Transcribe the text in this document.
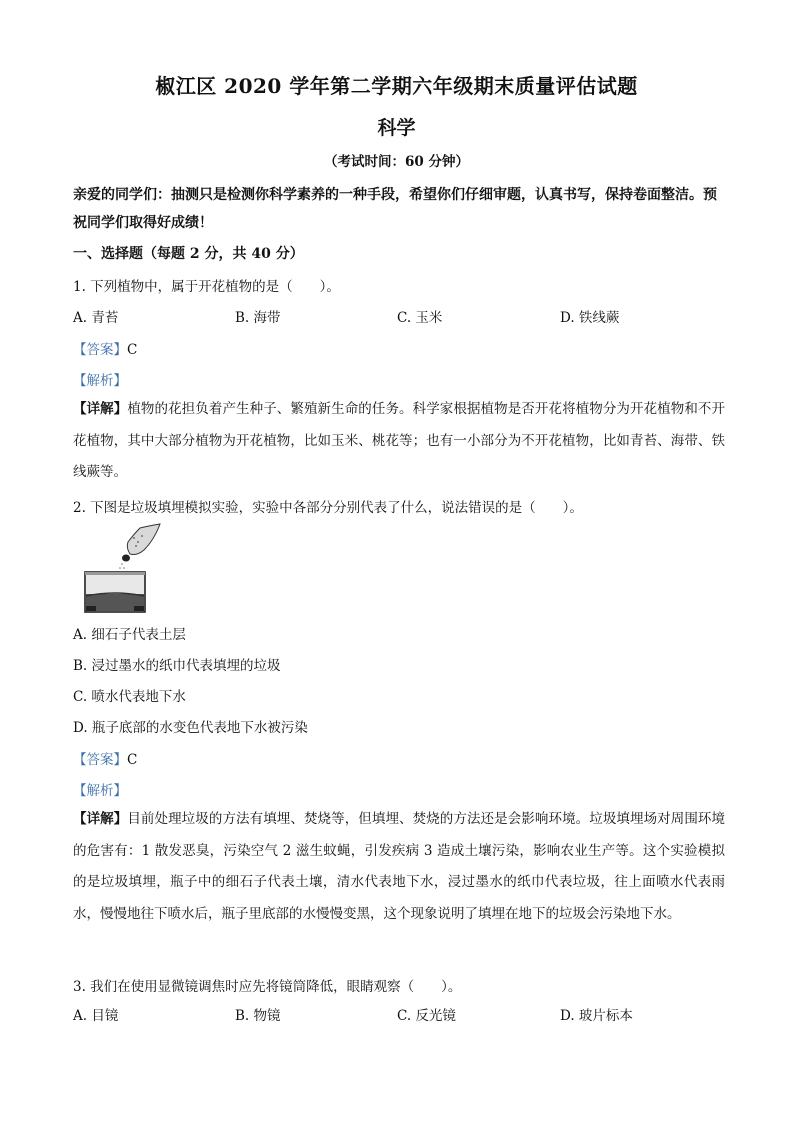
椒江区 2020 学年第二学期六年级期末质量评估试题
科学
（考试时间：60 分钟）
亲爱的同学们：抽测只是检测你科学素养的一种手段，希望你们仔细审题，认真书写，保持卷面整洁。预祝同学们取得好成绩！
一、选择题（每题 2 分，共 40 分）
1. 下列植物中，属于开花植物的是（　　）。
A. 青苔	B. 海带	C. 玉米	D. 铁线蕨
【答案】C
【解析】
【详解】植物的花担负着产生种子、繁殖新生命的任务。科学家根据植物是否开花将植物分为开花植物和不开花植物，其中大部分植物为开花植物，比如玉米、桃花等；也有一小部分为不开花植物，比如青苔、海带、铁线蕨等。
2. 下图是垃圾填埋模拟实验，实验中各部分分别代表了什么，说法错误的是（　　）。
A. 细石子代表土层
B. 浸过墨水的纸巾代表填埋的垃圾
C. 喷水代表地下水
D. 瓶子底部的水变色代表地下水被污染
【答案】C
【解析】
【详解】目前处理垃圾的方法有填埋、焚烧等，但填埋、焚烧的方法还是会影响环境。垃圾填埋场对周围环境的危害有：1 散发恶臭，污染空气 2 滋生蚊蝇，引发疾病 3 造成土壤污染，影响农业生产等。这个实验模拟的是垃圾填埋，瓶子中的细石子代表土壤，清水代表地下水，浸过墨水的纸巾代表垃圾，往上面喷水代表雨水，慢慢地往下喷水后，瓶子里底部的水慢慢变黑，这个现象说明了填埋在地下的垃圾会污染地下水。
3. 我们在使用显微镜调焦时应先将镜筒降低，眼睛观察（　　）。
A. 目镜	B. 物镜	C. 反光镜	D. 玻片标本
